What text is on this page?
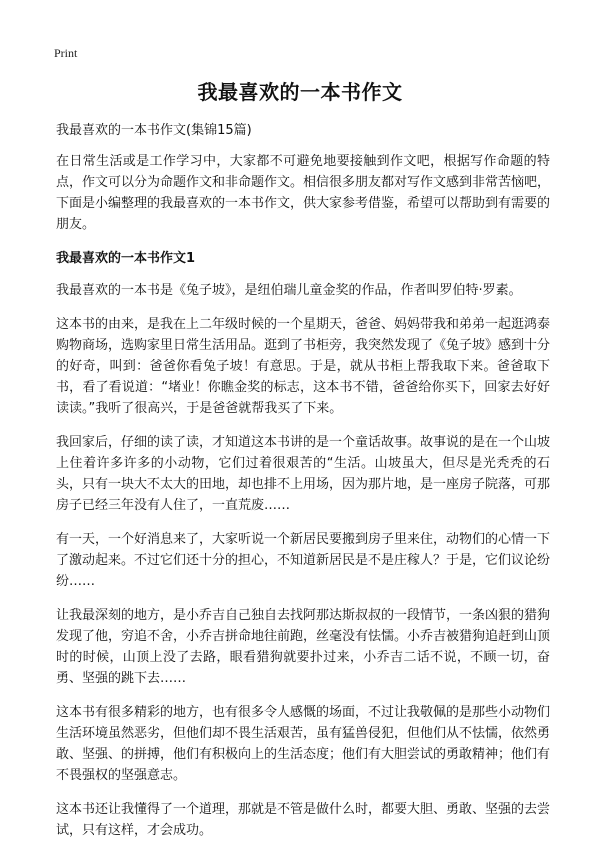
Print
我最喜欢的一本书作文

我最喜欢的一本书作文(集锦15篇)

在日常生活或是工作学习中，大家都不可避免地要接触到作文吧，根据写作命题的特点，作文可以分为命题作文和非命题作文。相信很多朋友都对写作文感到非常苦恼吧，下面是小编整理的我最喜欢的一本书作文，供大家参考借鉴，希望可以帮助到有需要的朋友。

我最喜欢的一本书作文1

我最喜欢的一本书是《兔子坡》，是纽伯瑞儿童金奖的作品，作者叫罗伯特·罗素。

这本书的由来，是我在上二年级时候的一个星期天，爸爸、妈妈带我和弟弟一起逛鸿泰购物商场，选购家里日常生活用品。逛到了书柜旁，我突然发现了《兔子坡》感到十分的好奇，叫到：爸爸你看兔子坡！有意思。于是，就从书柜上帮我取下来。爸爸取下书，看了看说道：“堵业！你瞧金奖的标志，这本书不错，爸爸给你买下，回家去好好读读。”我听了很高兴，于是爸爸就帮我买了下来。

我回家后，仔细的读了读，才知道这本书讲的是一个童话故事。故事说的是在一个山坡上住着许多许多的小动物，它们过着很艰苦的“生活。山坡虽大，但尽是光秃秃的石头，只有一块大不太大的田地，却也排不上用场，因为那片地，是一座房子院落，可那房子已经三年没有人住了，一直荒废……

有一天，一个好消息来了，大家听说一个新居民要搬到房子里来住，动物们的心情一下了激动起来。不过它们还十分的担心，不知道新居民是不是庄稼人？于是，它们议论纷纷……

让我最深刻的地方，是小乔吉自己独自去找阿那达斯叔叔的一段情节，一条凶狠的猎狗发现了他，穷追不舍，小乔吉拼命地往前跑，丝毫没有怯懦。小乔吉被猎狗追赶到山顶时的时候，山顶上没了去路，眼看猎狗就要扑过来，小乔吉二话不说，不顾一切，奋勇、坚强的跳下去……

这本书有很多精彩的地方，也有很多令人感慨的场面，不过让我敬佩的是那些小动物们生活环境虽然恶劣，但他们却不畏生活艰苦，虽有猛兽侵犯，但他们从不怯懦，依然勇敢、坚强、的拼搏，他们有积极向上的生活态度；他们有大胆尝试的勇敢精神；他们有不畏强权的坚强意志。

这本书还让我懂得了一个道理，那就是不管是做什么时，都要大胆、勇敢、坚强的去尝试，只有这样，才会成功。
